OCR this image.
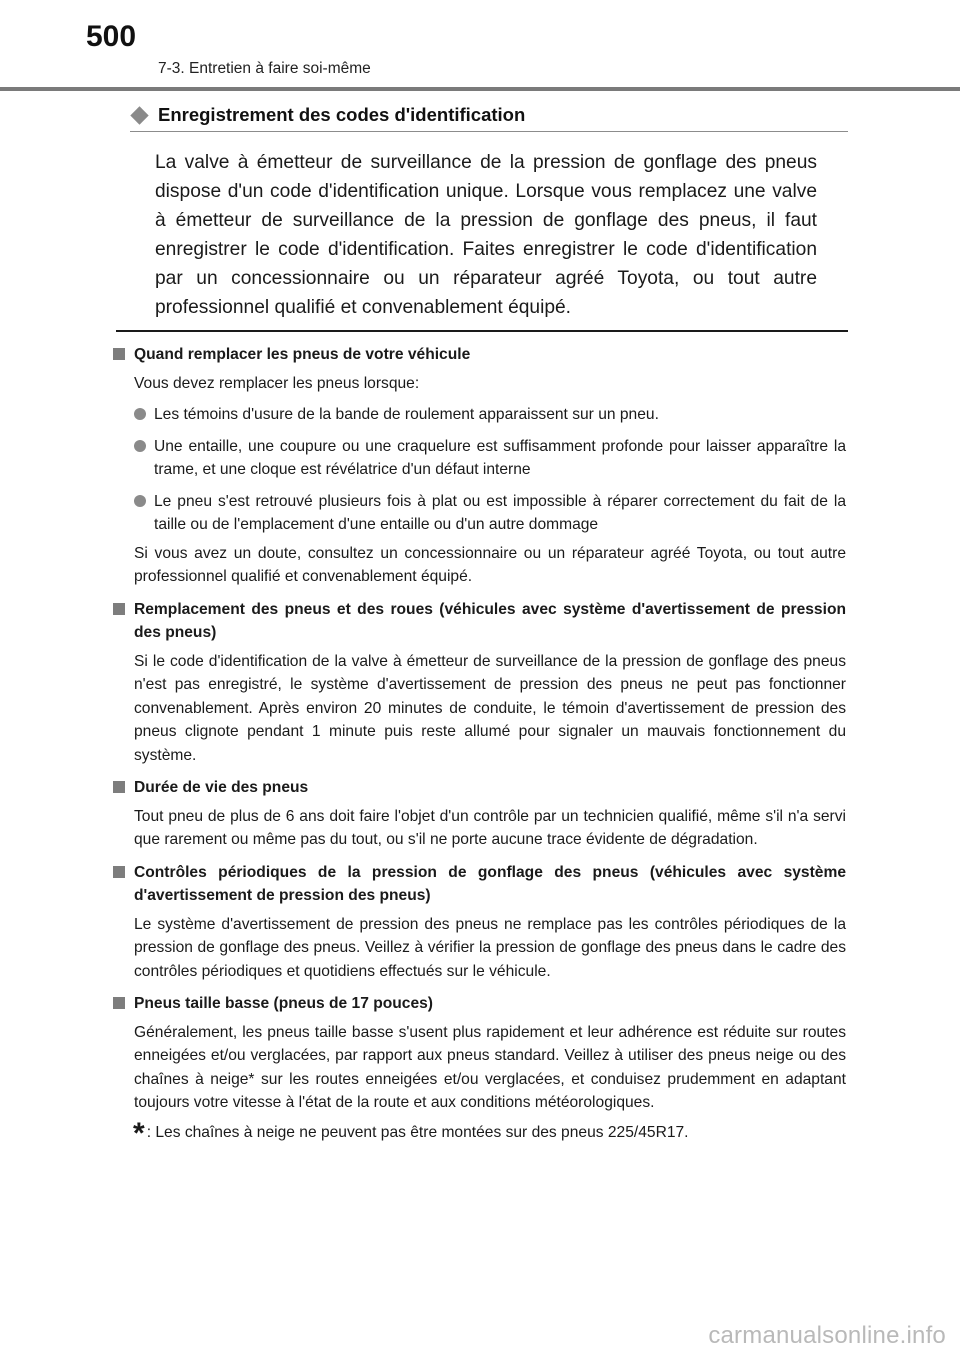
500
7-3. Entretien à faire soi-même
Enregistrement des codes d'identification
La valve à émetteur de surveillance de la pression de gonflage des pneus dispose d'un code d'identification unique. Lorsque vous remplacez une valve à émetteur de surveillance de la pression de gonflage des pneus, il faut enregistrer le code d'identification. Faites enregistrer le code d'identification par un concessionnaire ou un réparateur agréé Toyota, ou tout autre professionnel qualifié et convenablement équipé.
Quand remplacer les pneus de votre véhicule
Vous devez remplacer les pneus lorsque:
Les témoins d'usure de la bande de roulement apparaissent sur un pneu.
Une entaille, une coupure ou une craquelure est suffisamment profonde pour laisser apparaître la trame, et une cloque est révélatrice d'un défaut interne
Le pneu s'est retrouvé plusieurs fois à plat ou est impossible à réparer correctement du fait de la taille ou de l'emplacement d'une entaille ou d'un autre dommage
Si vous avez un doute, consultez un concessionnaire ou un réparateur agréé Toyota, ou tout autre professionnel qualifié et convenablement équipé.
Remplacement des pneus et des roues (véhicules avec système d'avertissement de pression des pneus)
Si le code d'identification de la valve à émetteur de surveillance de la pression de gonflage des pneus n'est pas enregistré, le système d'avertissement de pression des pneus ne peut pas fonctionner convenablement. Après environ 20 minutes de conduite, le témoin d'avertissement de pression des pneus clignote pendant 1 minute puis reste allumé pour signaler un mauvais fonctionnement du système.
Durée de vie des pneus
Tout pneu de plus de 6 ans doit faire l'objet d'un contrôle par un technicien qualifié, même s'il n'a servi que rarement ou même pas du tout, ou s'il ne porte aucune trace évidente de dégradation.
Contrôles périodiques de la pression de gonflage des pneus (véhicules avec système d'avertissement de pression des pneus)
Le système d'avertissement de pression des pneus ne remplace pas les contrôles périodiques de la pression de gonflage des pneus. Veillez à vérifier la pression de gonflage des pneus dans le cadre des contrôles périodiques et quotidiens effectués sur le véhicule.
Pneus taille basse (pneus de 17 pouces)
Généralement, les pneus taille basse s'usent plus rapidement et leur adhérence est réduite sur routes enneigées et/ou verglacées, par rapport aux pneus standard. Veillez à utiliser des pneus neige ou des chaînes à neige* sur les routes enneigées et/ou verglacées, et conduisez prudemment en adaptant toujours votre vitesse à l'état de la route et aux conditions météorologiques.
* : Les chaînes à neige ne peuvent pas être montées sur des pneus 225/45R17.
carmanualsonline.info
